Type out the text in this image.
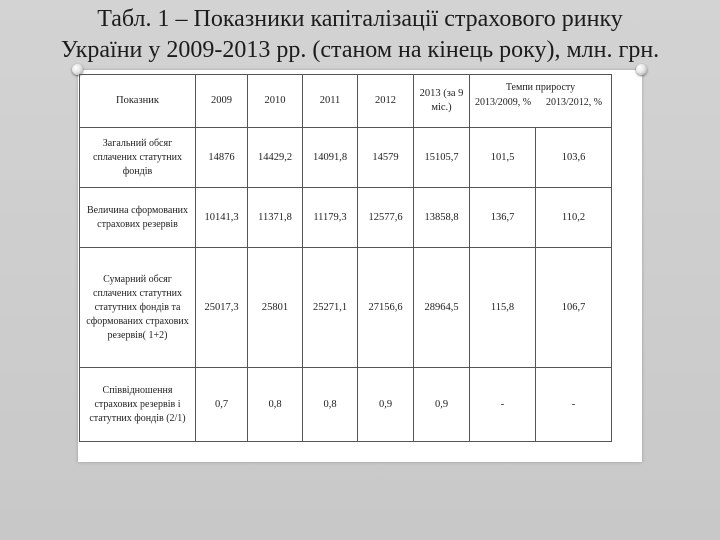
Табл. 1 – Показники капіталізації страхового ринку
України у 2009-2013 рр. (станом на кінець року), млн. грн.
Показник	2009	2010	2011	2012	2013 (за 9 міс.)	Темпи приросту
2013/2009, % 2013/2012, %	

Загальний обсяг сплачених статутних фондів	14876	14429,2	14091,8	14579	15105,7	101,5	103,6
Величина сформованих страхових резервів	10141,3	11371,8	11179,3	12577,6	13858,8	136,7	110,2
Сумарний обсяг сплачених статутних статутних фондів та сформованих страхових резервів( 1+2)	25017,3	25801	25271,1	27156,6	28964,5	115,8	106,7
Співвідношення страхових резервів і статутних фондів (2/1)	0,7	0,8	0,8	0,9	0,9	-	-
